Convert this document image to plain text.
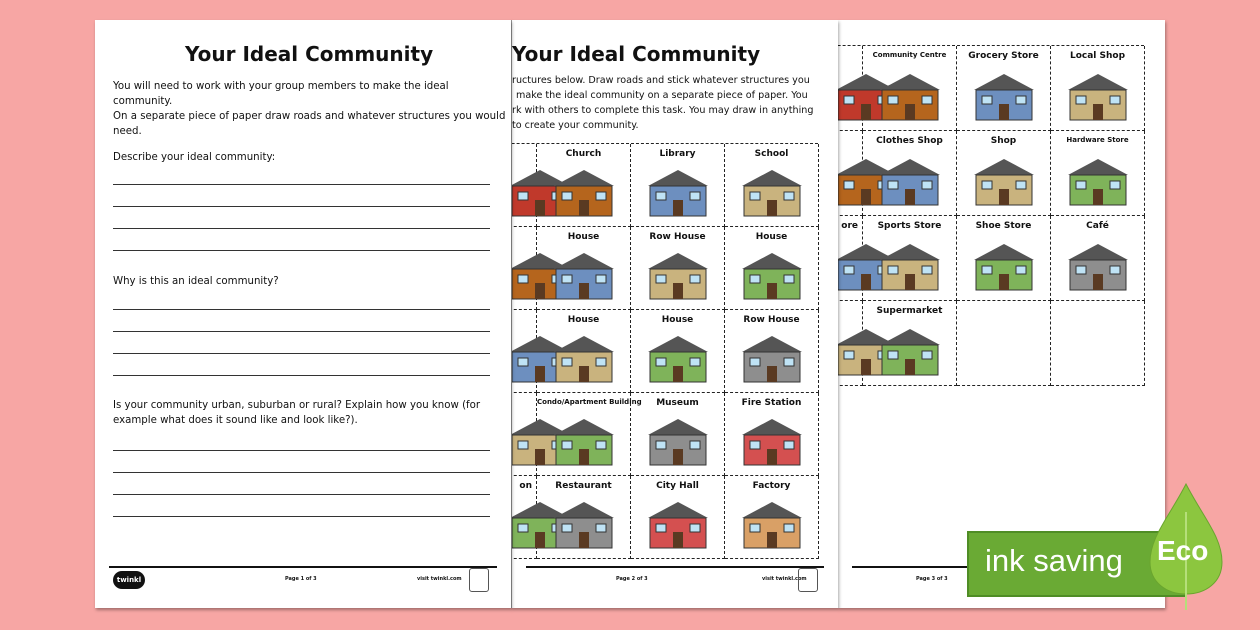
Your Ideal Community
You will need to work with your group members to make the ideal community.
On a separate piece of paper draw roads and whatever structures you would
need.
Describe your ideal community:
Why is this an ideal community?
Is your community urban, suburban or rural? Explain how you know (for
example what does it sound like and look like?).
twinkl	Page 1 of 3	visit twinkl.com
Your Ideal Community
ructures below. Draw roads and stick whatever structures you
make the ideal community on a separate piece of paper. You
rk with others to complete this task. You may draw in anything
to create your community.
Church	Library	School
House	Row House	House
House	House	Row House
Condo/Apartment Building	Museum	Fire Station
on	Restaurant	City Hall	Factory
Page 2 of 3	visit twinkl.com
Community Centre	Grocery Store	Local Shop
Clothes Shop	Shop	Hardware Store
ore	Sports Store	Shoe Store	Café
Supermarket
Page 3 of 3
ink saving Eco
